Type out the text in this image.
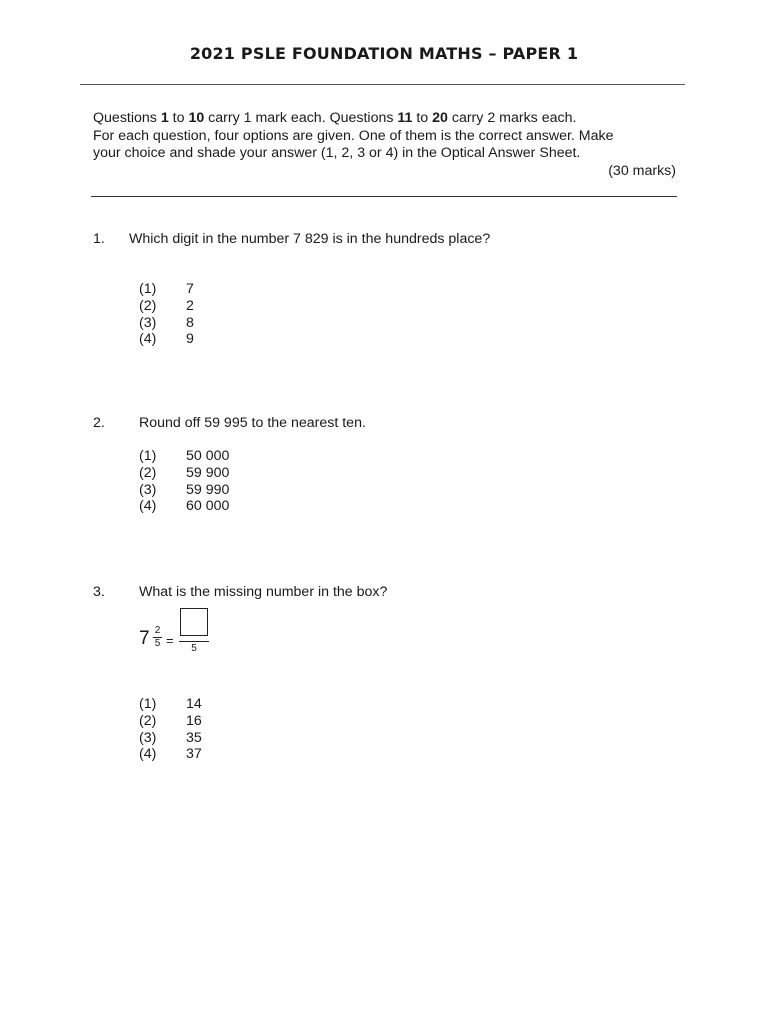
2021 PSLE FOUNDATION MATHS – PAPER 1
Questions 1 to 10 carry 1 mark each. Questions 11 to 20 carry 2 marks each.
For each question, four options are given. One of them is the correct answer. Make
your choice and shade your answer (1, 2, 3 or 4) in the Optical Answer Sheet.
(30 marks)
1. Which digit in the number 7 829 is in the hundreds place?
(1) 7
(2) 2
(3) 8
(4) 9
2. Round off 59 995 to the nearest ten.
(1) 50 000
(2) 59 900
(3) 59 990
(4) 60 000
3. What is the missing number in the box?
$7 \frac{2}{5}$ =
5
(1) 14
(2) 16
(3) 35
(4) 37
